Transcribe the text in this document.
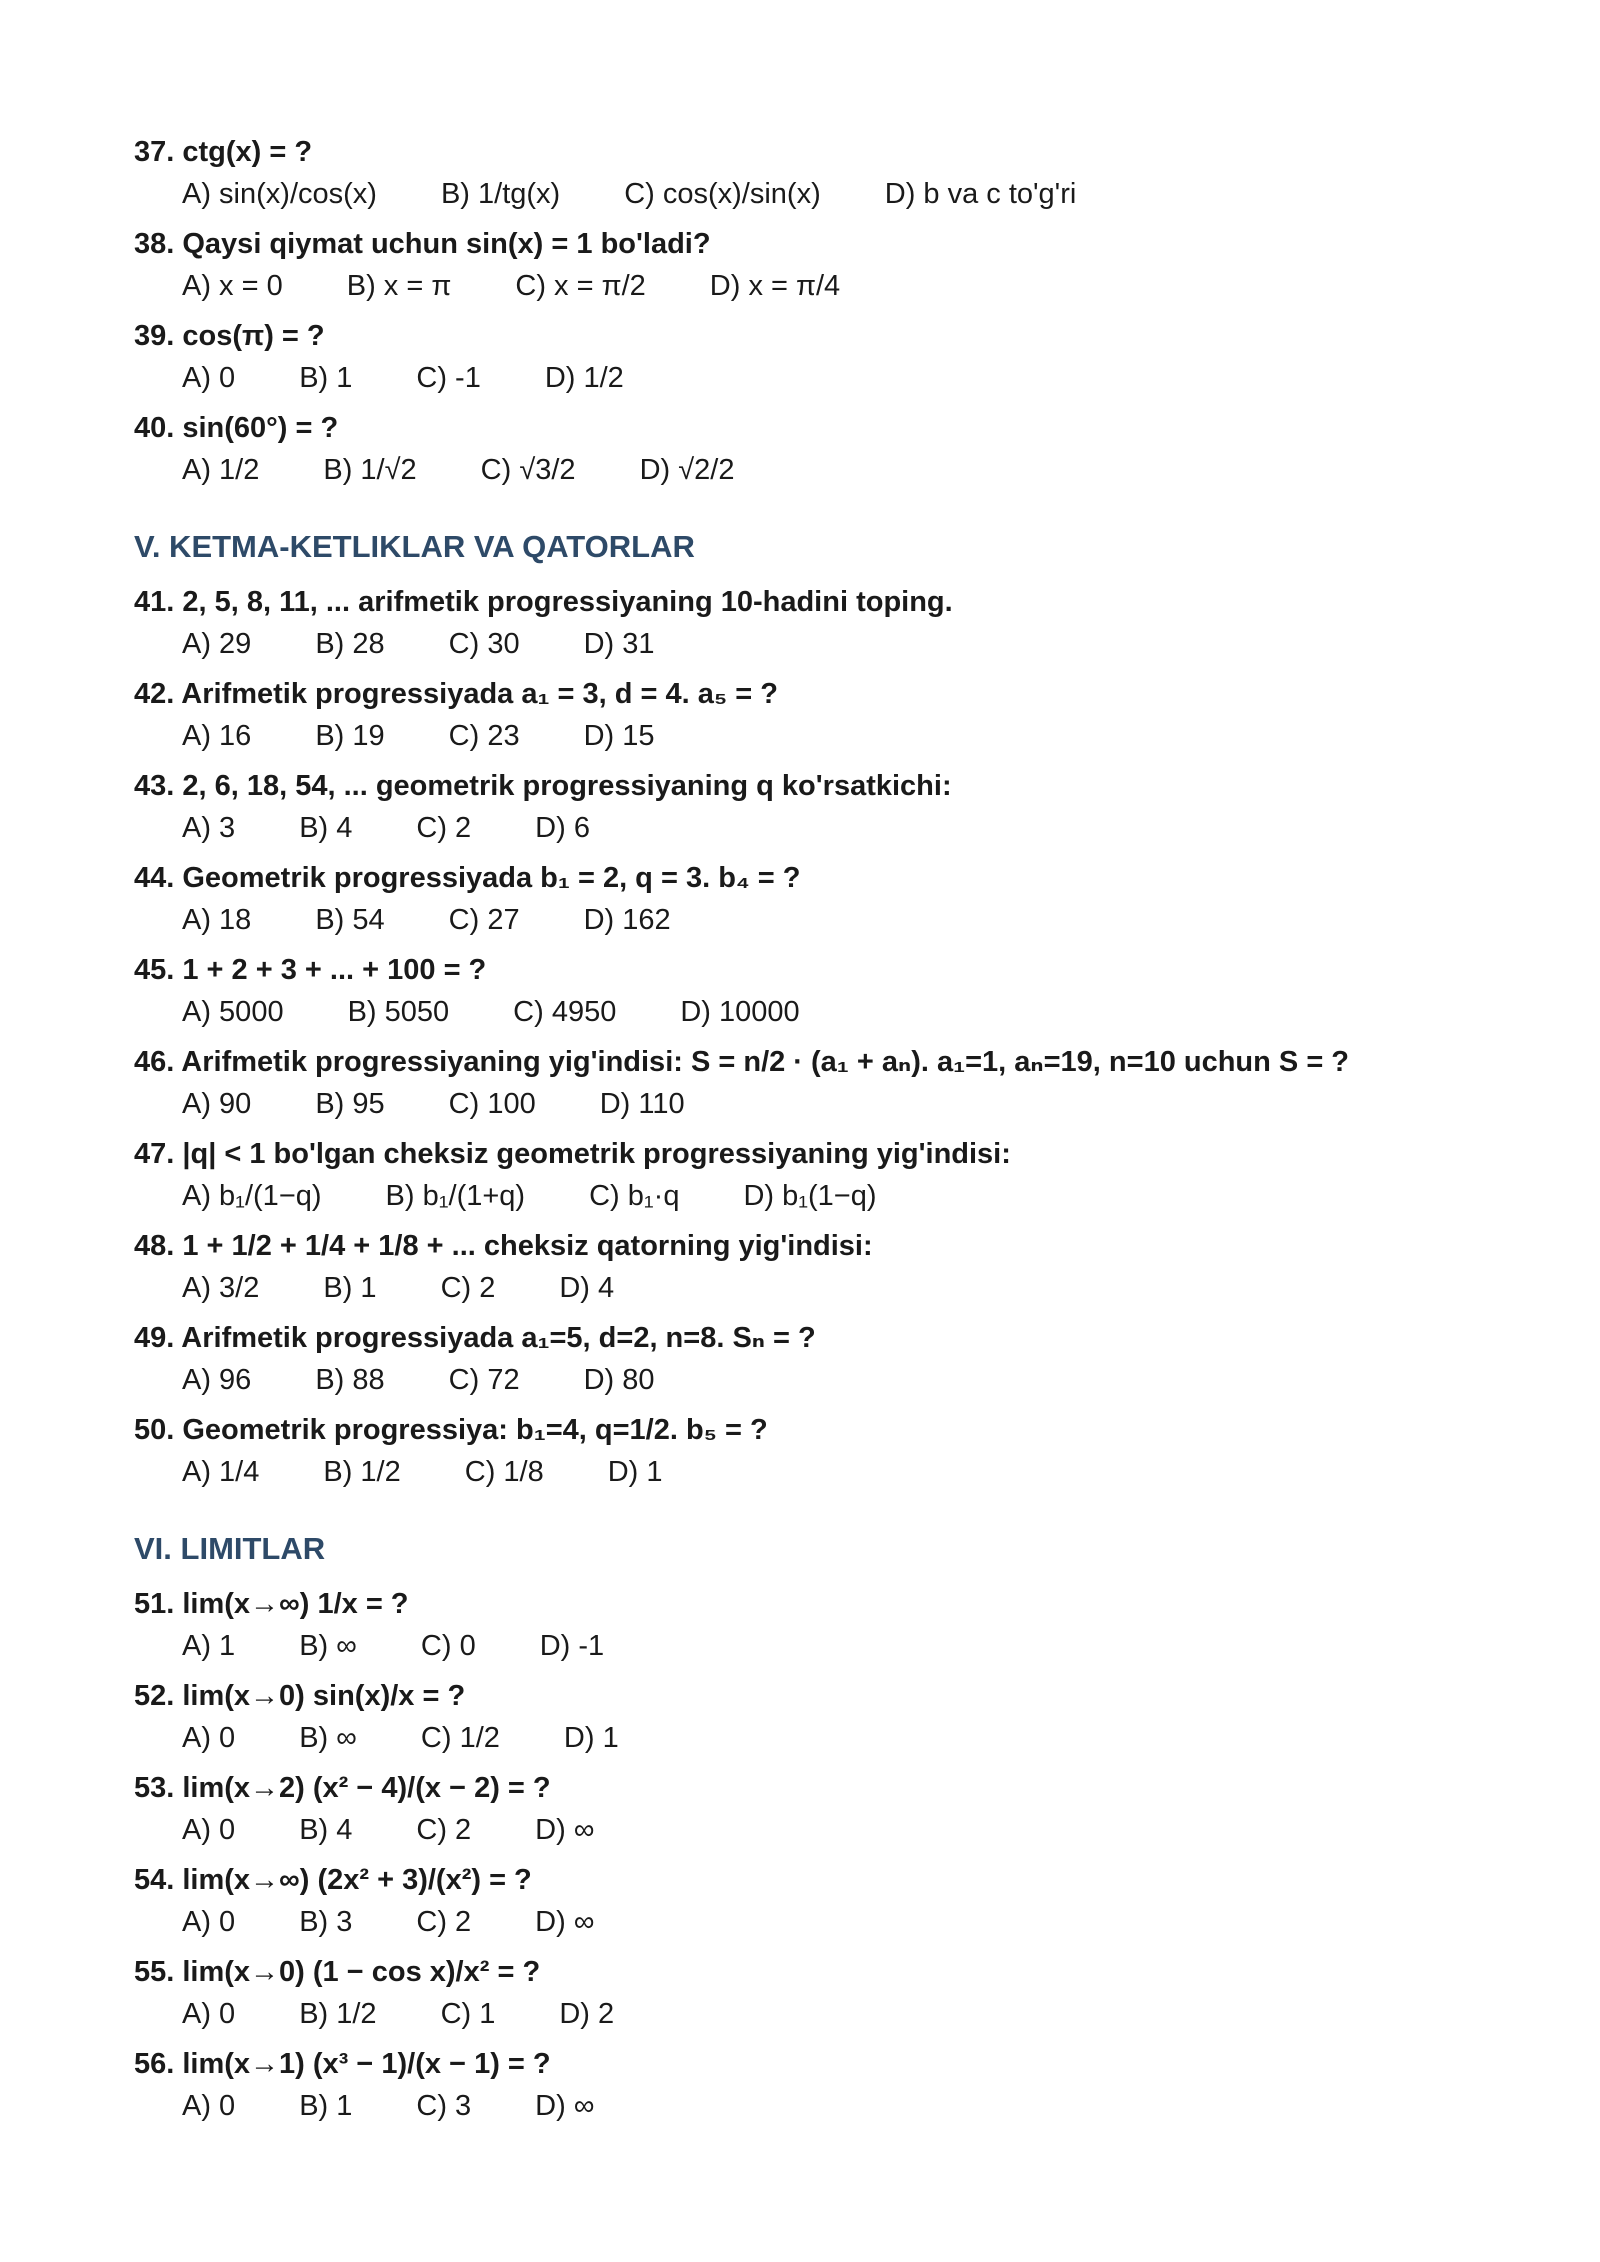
37. ctg(x) = ?
A) sin(x)/cos(x) B) 1/tg(x) C) cos(x)/sin(x) D) b va c to'g'ri
38. Qaysi qiymat uchun sin(x) = 1 bo'ladi?
A) x = 0 B) x = π C) x = π/2 D) x = π/4
39. cos(π) = ?
A) 0 B) 1 C) -1 D) 1/2
40. sin(60°) = ?
A) 1/2 B) 1/√2 C) √3/2 D) √2/2
V. KETMA-KETLIKLAR VA QATORLAR
41. 2, 5, 8, 11, ... arifmetik progressiyaning 10-hadini toping.
A) 29 B) 28 C) 30 D) 31
42. Arifmetik progressiyada a₁ = 3, d = 4. a₅ = ?
A) 16 B) 19 C) 23 D) 15
43. 2, 6, 18, 54, ... geometrik progressiyaning q ko'rsatkichi:
A) 3 B) 4 C) 2 D) 6
44. Geometrik progressiyada b₁ = 2, q = 3. b₄ = ?
A) 18 B) 54 C) 27 D) 162
45. 1 + 2 + 3 + ... + 100 = ?
A) 5000 B) 5050 C) 4950 D) 10000
46. Arifmetik progressiyaning yig'indisi: S = n/2 · (a₁ + aₙ). a₁=1, aₙ=19, n=10 uchun S = ?
A) 90 B) 95 C) 100 D) 110
47. |q| < 1 bo'lgan cheksiz geometrik progressiyaning yig'indisi:
A) b₁/(1−q) B) b₁/(1+q) C) b₁·q D) b₁(1−q)
48. 1 + 1/2 + 1/4 + 1/8 + ... cheksiz qatorning yig'indisi:
A) 3/2 B) 1 C) 2 D) 4
49. Arifmetik progressiyada a₁=5, d=2, n=8. Sₙ = ?
A) 96 B) 88 C) 72 D) 80
50. Geometrik progressiya: b₁=4, q=1/2. b₅ = ?
A) 1/4 B) 1/2 C) 1/8 D) 1
VI. LIMITLAR
51. lim(x→∞) 1/x = ?
A) 1 B) ∞ C) 0 D) -1
52. lim(x→0) sin(x)/x = ?
A) 0 B) ∞ C) 1/2 D) 1
53. lim(x→2) (x² − 4)/(x − 2) = ?
A) 0 B) 4 C) 2 D) ∞
54. lim(x→∞) (2x² + 3)/(x²) = ?
A) 0 B) 3 C) 2 D) ∞
55. lim(x→0) (1 − cos x)/x² = ?
A) 0 B) 1/2 C) 1 D) 2
56. lim(x→1) (x³ − 1)/(x − 1) = ?
A) 0 B) 1 C) 3 D) ∞
